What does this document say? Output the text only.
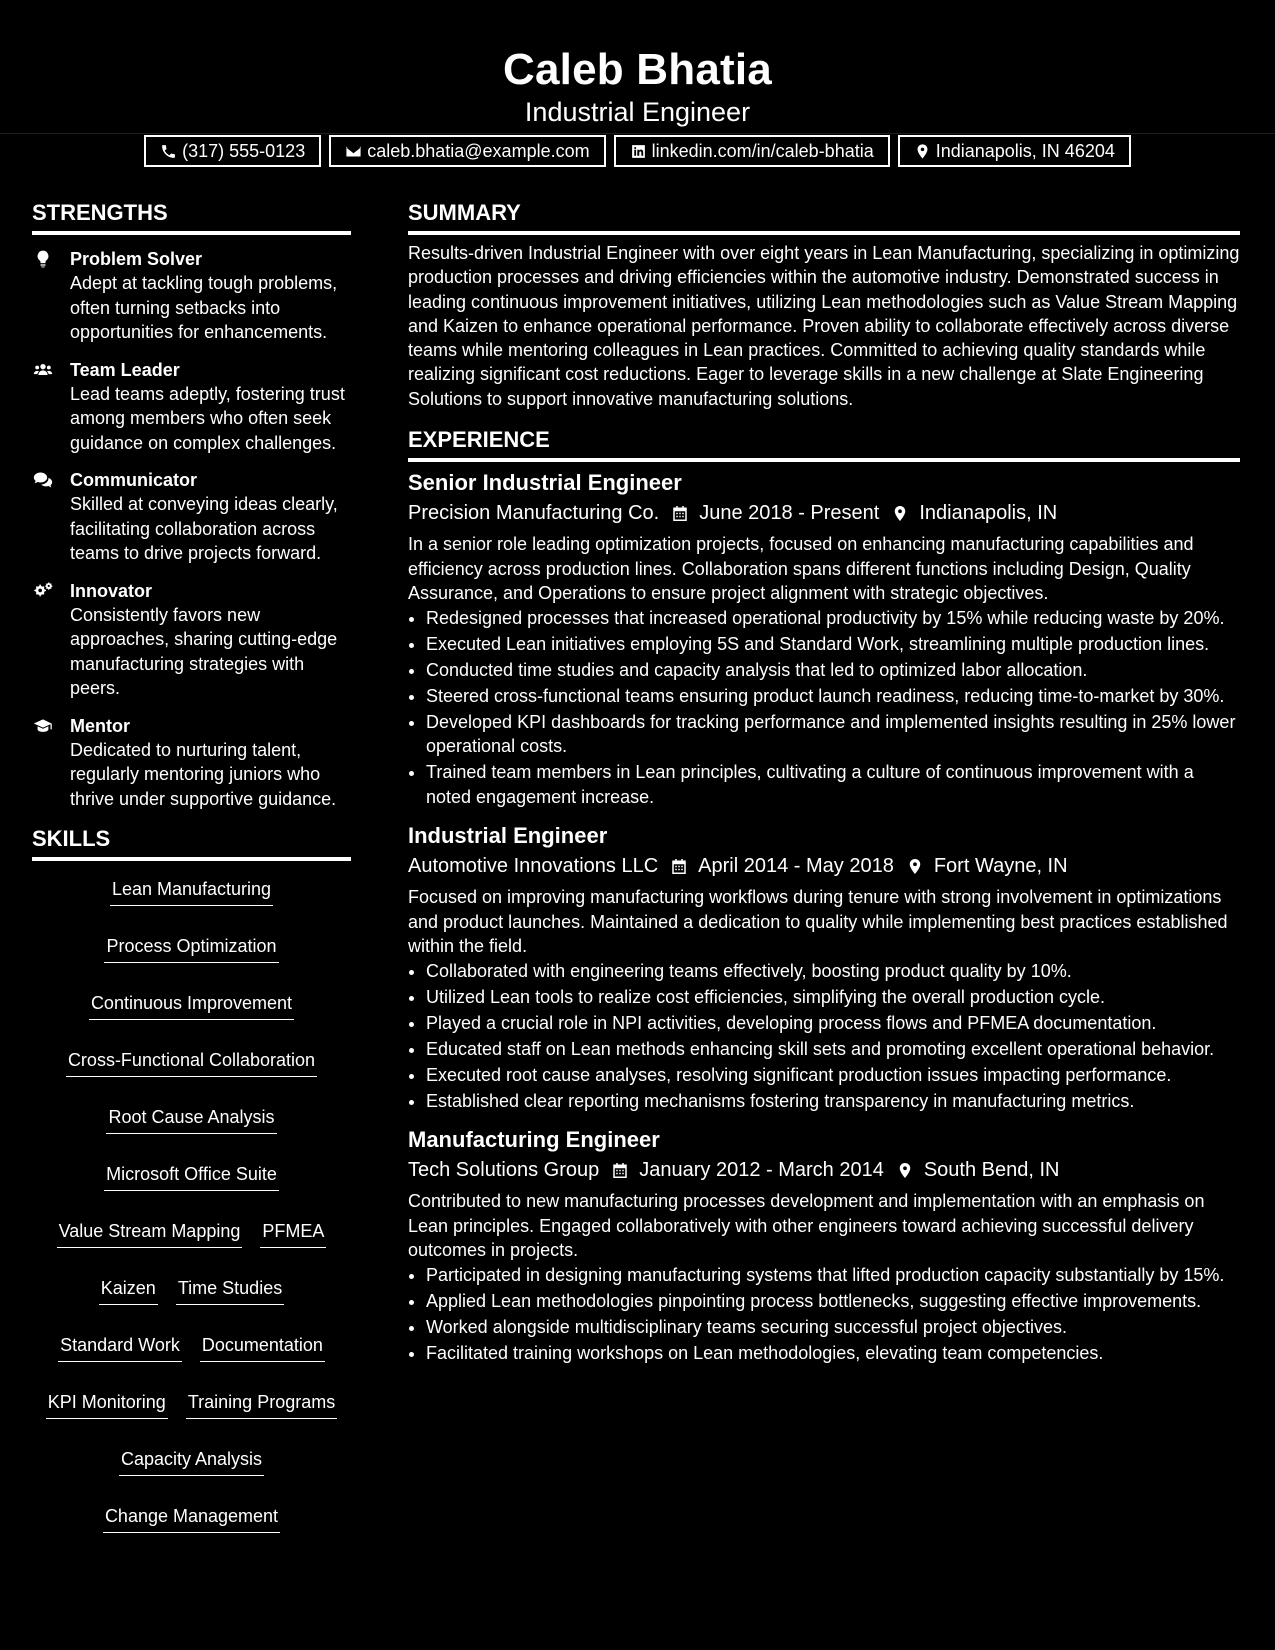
Caleb Bhatia
Industrial Engineer
(317) 555-0123	caleb.bhatia@example.com	linkedin.com/in/caleb-bhatia	Indianapolis, IN 46204
STRENGTHS
Problem Solver
Adept at tackling tough problems, often turning setbacks into opportunities for enhancements.
Team Leader
Lead teams adeptly, fostering trust among members who often seek guidance on complex challenges.
Communicator
Skilled at conveying ideas clearly, facilitating collaboration across teams to drive projects forward.
Innovator
Consistently favors new approaches, sharing cutting-edge manufacturing strategies with peers.
Mentor
Dedicated to nurturing talent, regularly mentoring juniors who thrive under supportive guidance.
SKILLS
Lean Manufacturing
Process Optimization
Continuous Improvement
Cross-Functional Collaboration
Root Cause Analysis
Microsoft Office Suite
Value Stream Mapping PFMEA
Kaizen Time Studies
Standard Work Documentation
KPI Monitoring Training Programs
Capacity Analysis
Change Management
SUMMARY
Results-driven Industrial Engineer with over eight years in Lean Manufacturing, specializing in optimizing production processes and driving efficiencies within the automotive industry. Demonstrated success in leading continuous improvement initiatives, utilizing Lean methodologies such as Value Stream Mapping and Kaizen to enhance operational performance. Proven ability to collaborate effectively across diverse teams while mentoring colleagues in Lean practices. Committed to achieving quality standards while realizing significant cost reductions. Eager to leverage skills in a new challenge at Slate Engineering Solutions to support innovative manufacturing solutions.
EXPERIENCE
Senior Industrial Engineer
Precision Manufacturing Co. June 2018 - Present Indianapolis, IN
In a senior role leading optimization projects, focused on enhancing manufacturing capabilities and efficiency across production lines. Collaboration spans different functions including Design, Quality Assurance, and Operations to ensure project alignment with strategic objectives.
• Redesigned processes that increased operational productivity by 15% while reducing waste by 20%.
• Executed Lean initiatives employing 5S and Standard Work, streamlining multiple production lines.
• Conducted time studies and capacity analysis that led to optimized labor allocation.
• Steered cross-functional teams ensuring product launch readiness, reducing time-to-market by 30%.
• Developed KPI dashboards for tracking performance and implemented insights resulting in 25% lower operational costs.
• Trained team members in Lean principles, cultivating a culture of continuous improvement with a noted engagement increase.
Industrial Engineer
Automotive Innovations LLC April 2014 - May 2018 Fort Wayne, IN
Focused on improving manufacturing workflows during tenure with strong involvement in optimizations and product launches. Maintained a dedication to quality while implementing best practices established within the field.
• Collaborated with engineering teams effectively, boosting product quality by 10%.
• Utilized Lean tools to realize cost efficiencies, simplifying the overall production cycle.
• Played a crucial role in NPI activities, developing process flows and PFMEA documentation.
• Educated staff on Lean methods enhancing skill sets and promoting excellent operational behavior.
• Executed root cause analyses, resolving significant production issues impacting performance.
• Established clear reporting mechanisms fostering transparency in manufacturing metrics.
Manufacturing Engineer
Tech Solutions Group January 2012 - March 2014 South Bend, IN
Contributed to new manufacturing processes development and implementation with an emphasis on Lean principles. Engaged collaboratively with other engineers toward achieving successful delivery outcomes in projects.
• Participated in designing manufacturing systems that lifted production capacity substantially by 15%.
• Applied Lean methodologies pinpointing process bottlenecks, suggesting effective improvements.
• Worked alongside multidisciplinary teams securing successful project objectives.
• Facilitated training workshops on Lean methodologies, elevating team competencies.
